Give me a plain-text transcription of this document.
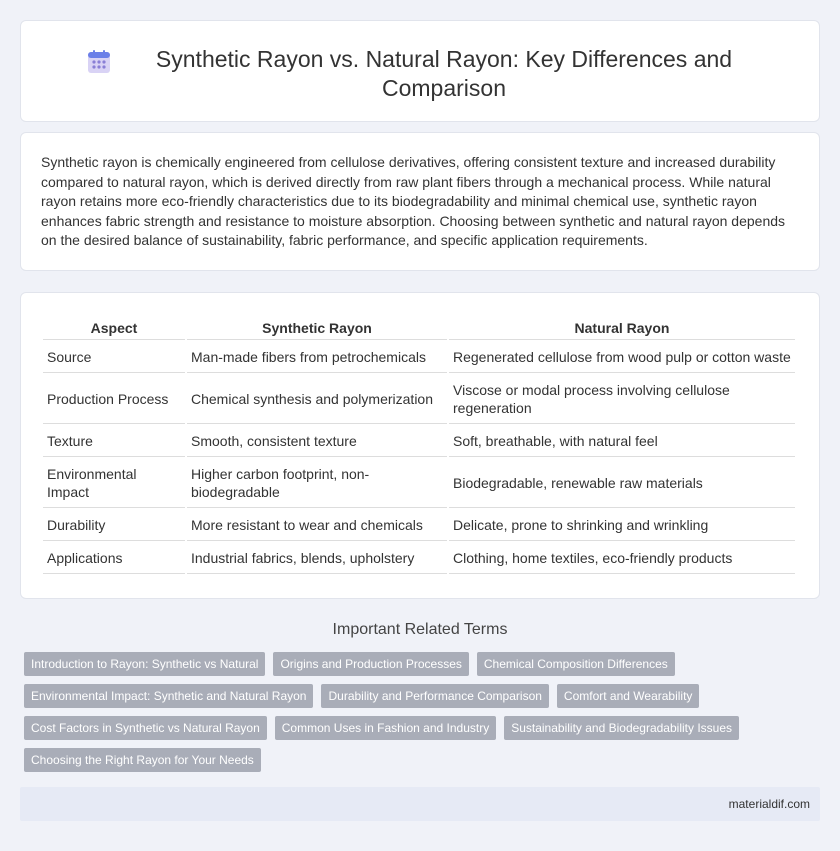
Synthetic Rayon vs. Natural Rayon: Key Differences and Comparison

Synthetic rayon is chemically engineered from cellulose derivatives, offering consistent texture and increased durability compared to natural rayon, which is derived directly from raw plant fibers through a mechanical process. While natural rayon retains more eco-friendly characteristics due to its biodegradability and minimal chemical use, synthetic rayon enhances fabric strength and resistance to moisture absorption. Choosing between synthetic and natural rayon depends on the desired balance of sustainability, fabric performance, and specific application requirements.

Aspect	Synthetic Rayon	Natural Rayon
Source	Man-made fibers from petrochemicals	Regenerated cellulose from wood pulp or cotton waste
Production Process	Chemical synthesis and polymerization	Viscose or modal process involving cellulose regeneration
Texture	Smooth, consistent texture	Soft, breathable, with natural feel
Environmental Impact	Higher carbon footprint, non-biodegradable	Biodegradable, renewable raw materials
Durability	More resistant to wear and chemicals	Delicate, prone to shrinking and wrinkling
Applications	Industrial fabrics, blends, upholstery	Clothing, home textiles, eco-friendly products
Important Related Terms
Introduction to Rayon: Synthetic vs Natural	Origins and Production Processes	Chemical Composition Differences
Environmental Impact: Synthetic and Natural Rayon	Durability and Performance Comparison	Comfort and Wearability
Cost Factors in Synthetic vs Natural Rayon	Common Uses in Fashion and Industry	Sustainability and Biodegradability Issues
Choosing the Right Rayon for Your Needs
materialdif.com
